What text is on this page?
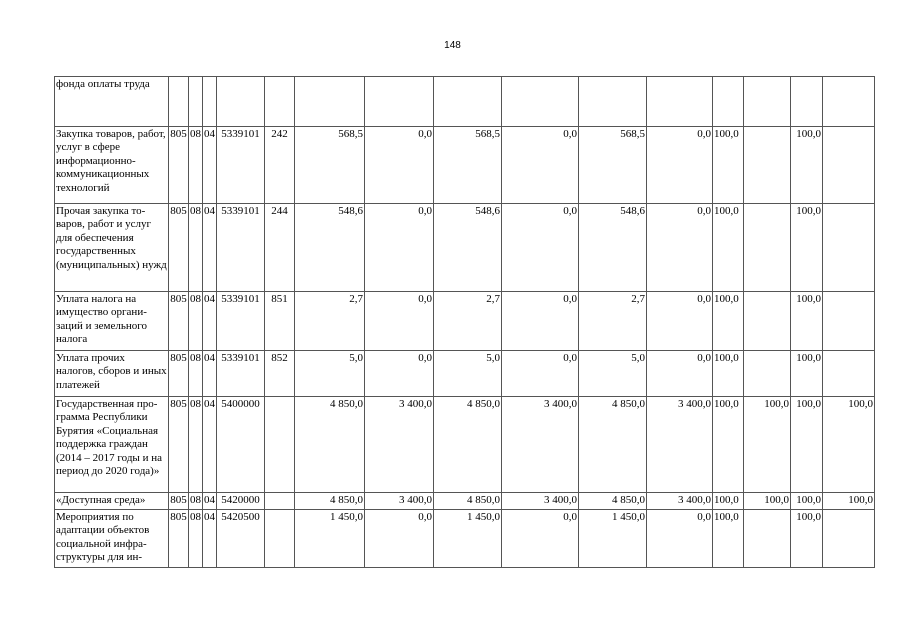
148
фонда оплаты труда															
Закупка товаров, работ, услуг в сфере информационно-коммуникационных технологий	805	08	04	5339101	242	568,5	0,0	568,5	0,0	568,5	0,0	100,0		100,0	
Прочая закупка то-варов, работ и услуг для обеспечения государственных (муниципальных) нужд	805	08	04	5339101	244	548,6	0,0	548,6	0,0	548,6	0,0	100,0		100,0	
Уплата налога на имущество органи-заций и земельного налога	805	08	04	5339101	851	2,7	0,0	2,7	0,0	2,7	0,0	100,0		100,0	
Уплата прочих налогов, сборов и иных платежей	805	08	04	5339101	852	5,0	0,0	5,0	0,0	5,0	0,0	100,0		100,0	
Государственная про-грамма Республики Бурятия «Социальная поддержка граждан (2014 – 2017 годы и на период до 2020 года)»	805	08	04	5400000		4 850,0	3 400,0	4 850,0	3 400,0	4 850,0	3 400,0	100,0	100,0	100,0	100,0
«Доступная среда»	805	08	04	5420000		4 850,0	3 400,0	4 850,0	3 400,0	4 850,0	3 400,0	100,0	100,0	100,0	100,0
Мероприятия по адаптации объектов социальной инфра-структуры для ин-	805	08	04	5420500		1 450,0	0,0	1 450,0	0,0	1 450,0	0,0	100,0		100,0	
